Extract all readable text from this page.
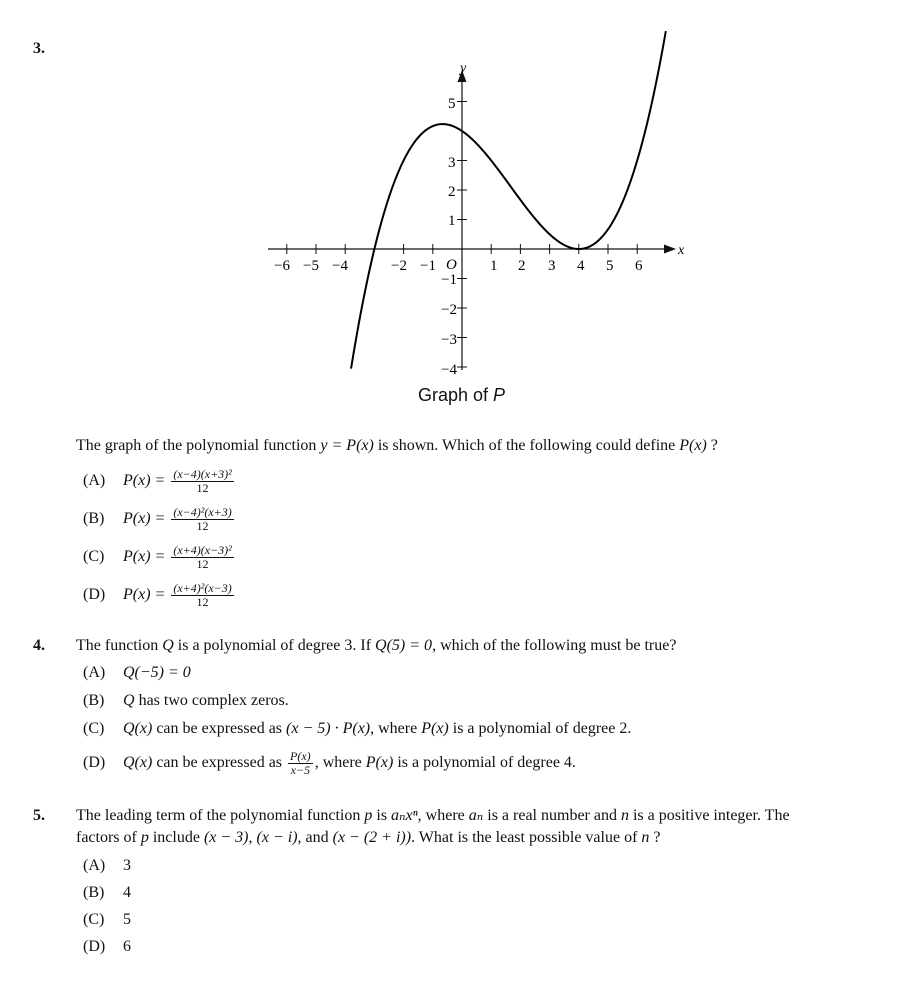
3.
y
x
O
−6 −5 −4	−2 −1	1 2 3 4 5 6
5
3
2
1
−1
−2
−3
−4
Graph of P
The graph of the polynomial function y = P(x) is shown. Which of the following could define P(x) ?
(A) $P(x) = \frac{\text{(x−4)(x+3)²}}{12}$
(B) $P(x) = \frac{\text{(x−4)²(x+3)}}{12}$
(C) $P(x) = \frac{\text{(x+4)(x−3)²}}{12}$
(D) $P(x) = \frac{\text{(x+4)²(x−3)}}{12}$
4. The function Q is a polynomial of degree 3. If Q(5) = 0, which of the following must be true?
(A) Q(−5) = 0
(B) Q has two complex zeros.
(C) Q(x) can be expressed as (x − 5) · P(x), where P(x) is a polynomial of degree 2.
(D) Q(x) can be expressed as $\frac{P(x)}{x-5}$ , where P(x) is a polynomial of degree 4.
5. The leading term of the polynomial function p is aₙxⁿ, where aₙ is a real number and n is a positive integer. The
factors of p include (x − 3), (x − i), and (x − (2 + i)). What is the least possible value of n ?
(A) 3
(B) 4
(C) 5
(D) 6
